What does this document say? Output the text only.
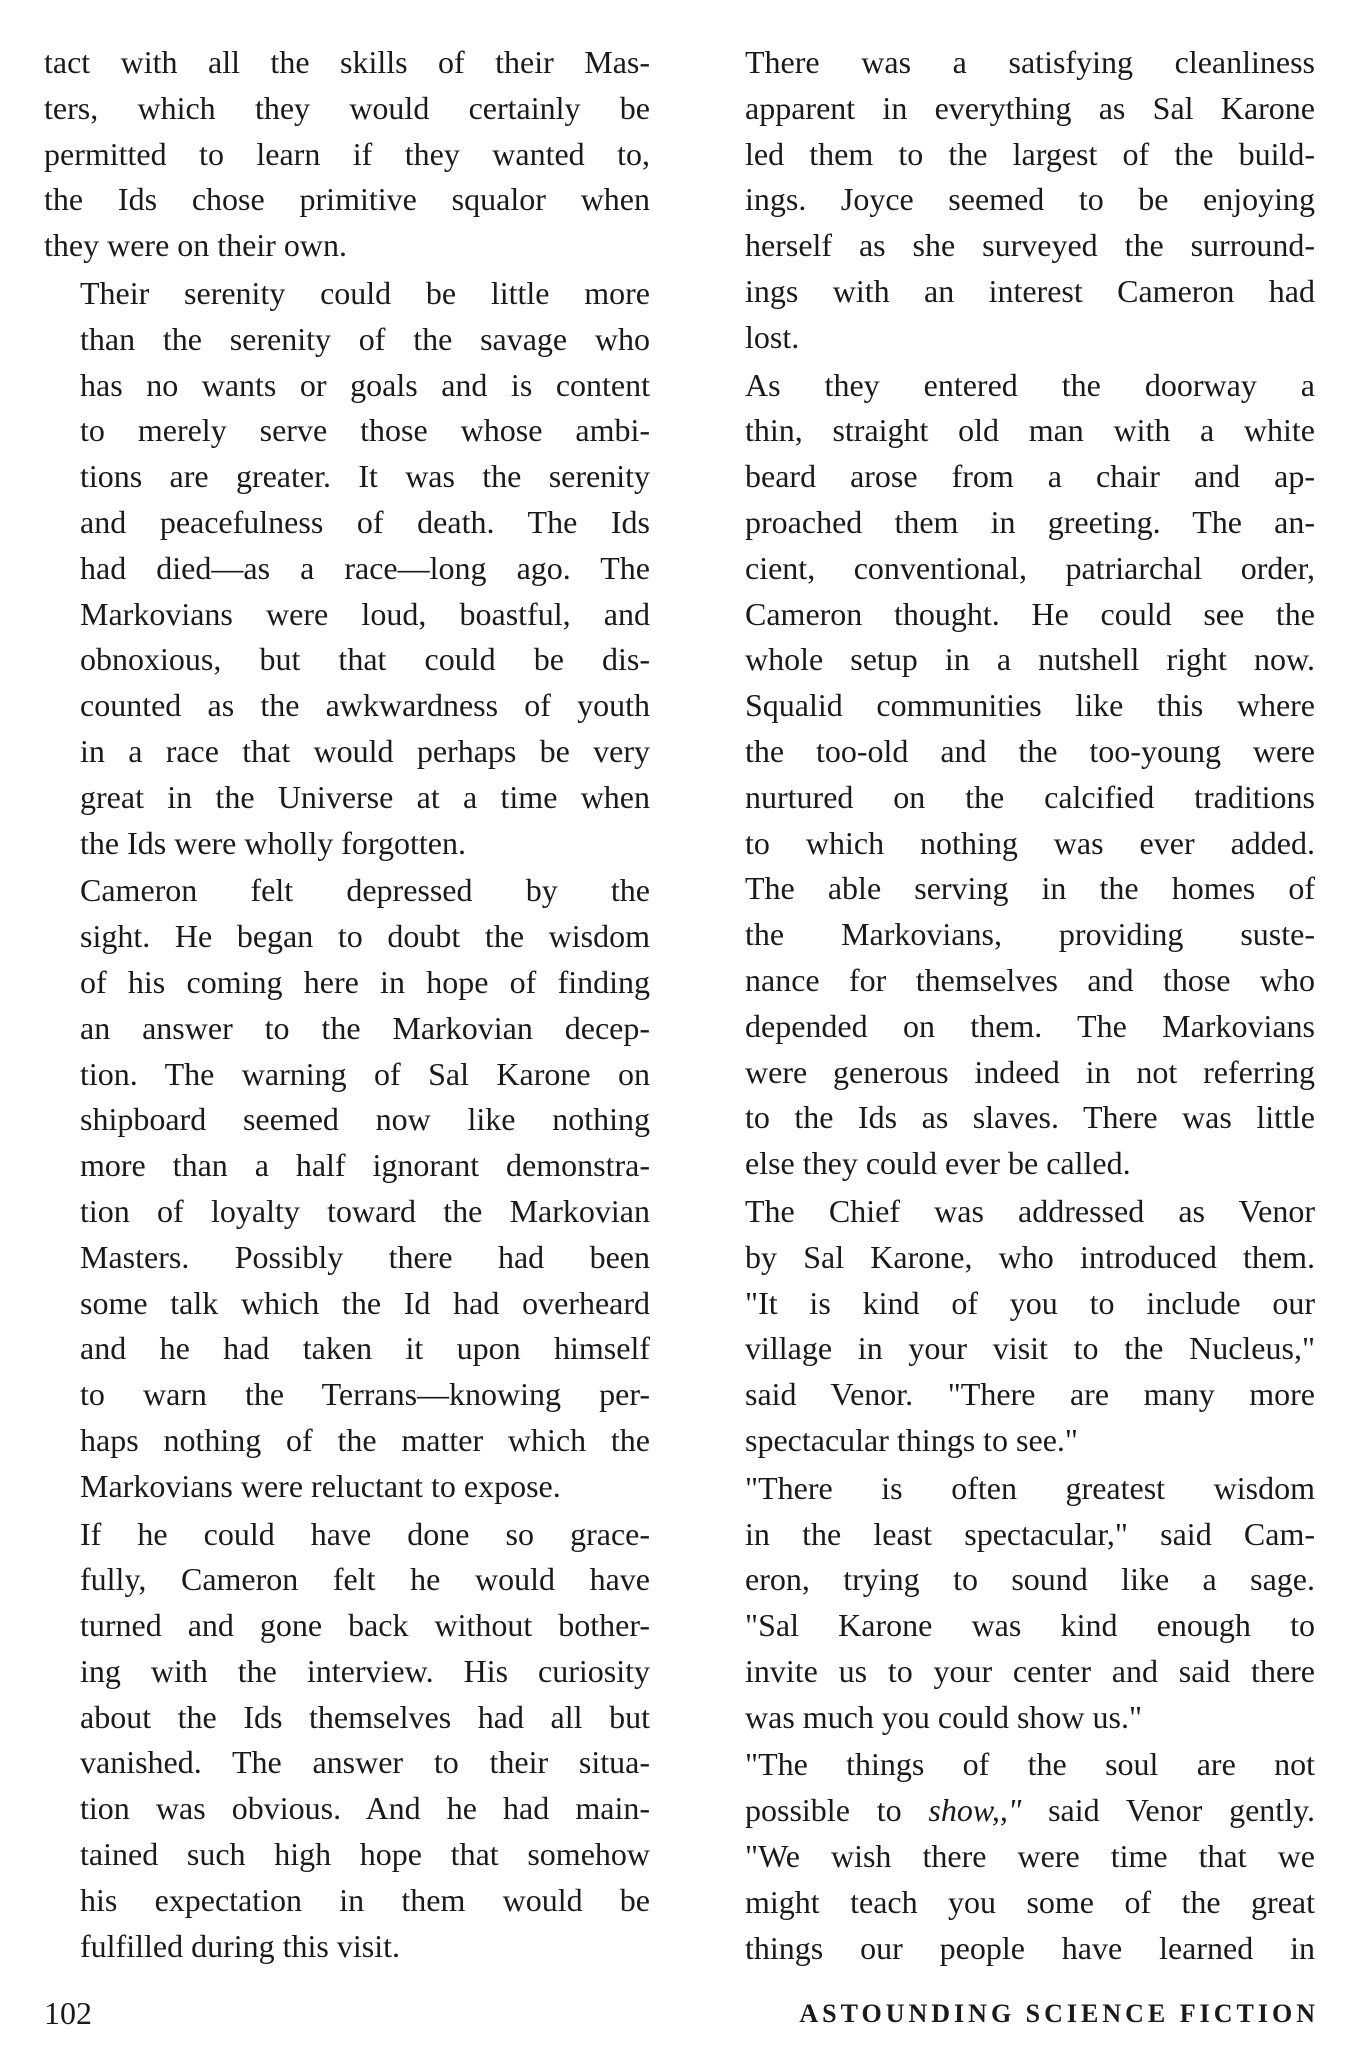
tact with all the skills of their Mas-
ters, which they would certainly be
permitted to learn if they wanted to,
the Ids chose primitive squalor when
they were on their own.

Their serenity could be little more
than the serenity of the savage who
has no wants or goals and is content
to merely serve those whose ambi-
tions are greater. It was the serenity
and peacefulness of death. The Ids
had died—as a race—long ago. The
Markovians were loud, boastful, and
obnoxious, but that could be dis-
counted as the awkwardness of youth
in a race that would perhaps be very
great in the Universe at a time when
the Ids were wholly forgotten.

Cameron felt depressed by the
sight. He began to doubt the wisdom
of his coming here in hope of finding
an answer to the Markovian decep-
tion. The warning of Sal Karone on
shipboard seemed now like nothing
more than a half ignorant demonstra-
tion of loyalty toward the Markovian
Masters. Possibly there had been
some talk which the Id had overheard
and he had taken it upon himself
to warn the Terrans—knowing per-
haps nothing of the matter which the
Markovians were reluctant to expose.

If he could have done so grace-
fully, Cameron felt he would have
turned and gone back without bother-
ing with the interview. His curiosity
about the Ids themselves had all but
vanished. The answer to their situa-
tion was obvious. And he had main-
tained such high hope that somehow
his expectation in them would be
fulfilled during this visit.

There was a satisfying cleanliness
apparent in everything as Sal Karone
led them to the largest of the build-
ings. Joyce seemed to be enjoying
herself as she surveyed the surround-
ings with an interest Cameron had
lost.

As they entered the doorway a
thin, straight old man with a white
beard arose from a chair and ap-
proached them in greeting. The an-
cient, conventional, patriarchal order,
Cameron thought. He could see the
whole setup in a nutshell right now.
Squalid communities like this where
the too-old and the too-young were
nurtured on the calcified traditions
to which nothing was ever added.
The able serving in the homes of
the Markovians, providing suste-
nance for themselves and those who
depended on them. The Markovians
were generous indeed in not referring
to the Ids as slaves. There was little
else they could ever be called.

The Chief was addressed as Venor
by Sal Karone, who introduced them.
"It is kind of you to include our
village in your visit to the Nucleus,"
said Venor. "There are many more
spectacular things to see."

"There is often greatest wisdom
in the least spectacular," said Cam-
eron, trying to sound like a sage.
"Sal Karone was kind enough to
invite us to your center and said there
was much you could show us."

"The things of the soul are not
possible to show,," said Venor gently.
"We wish there were time that we
might teach you some of the great
things our people have learned in

102	ASTOUNDING SCIENCE FICTION
